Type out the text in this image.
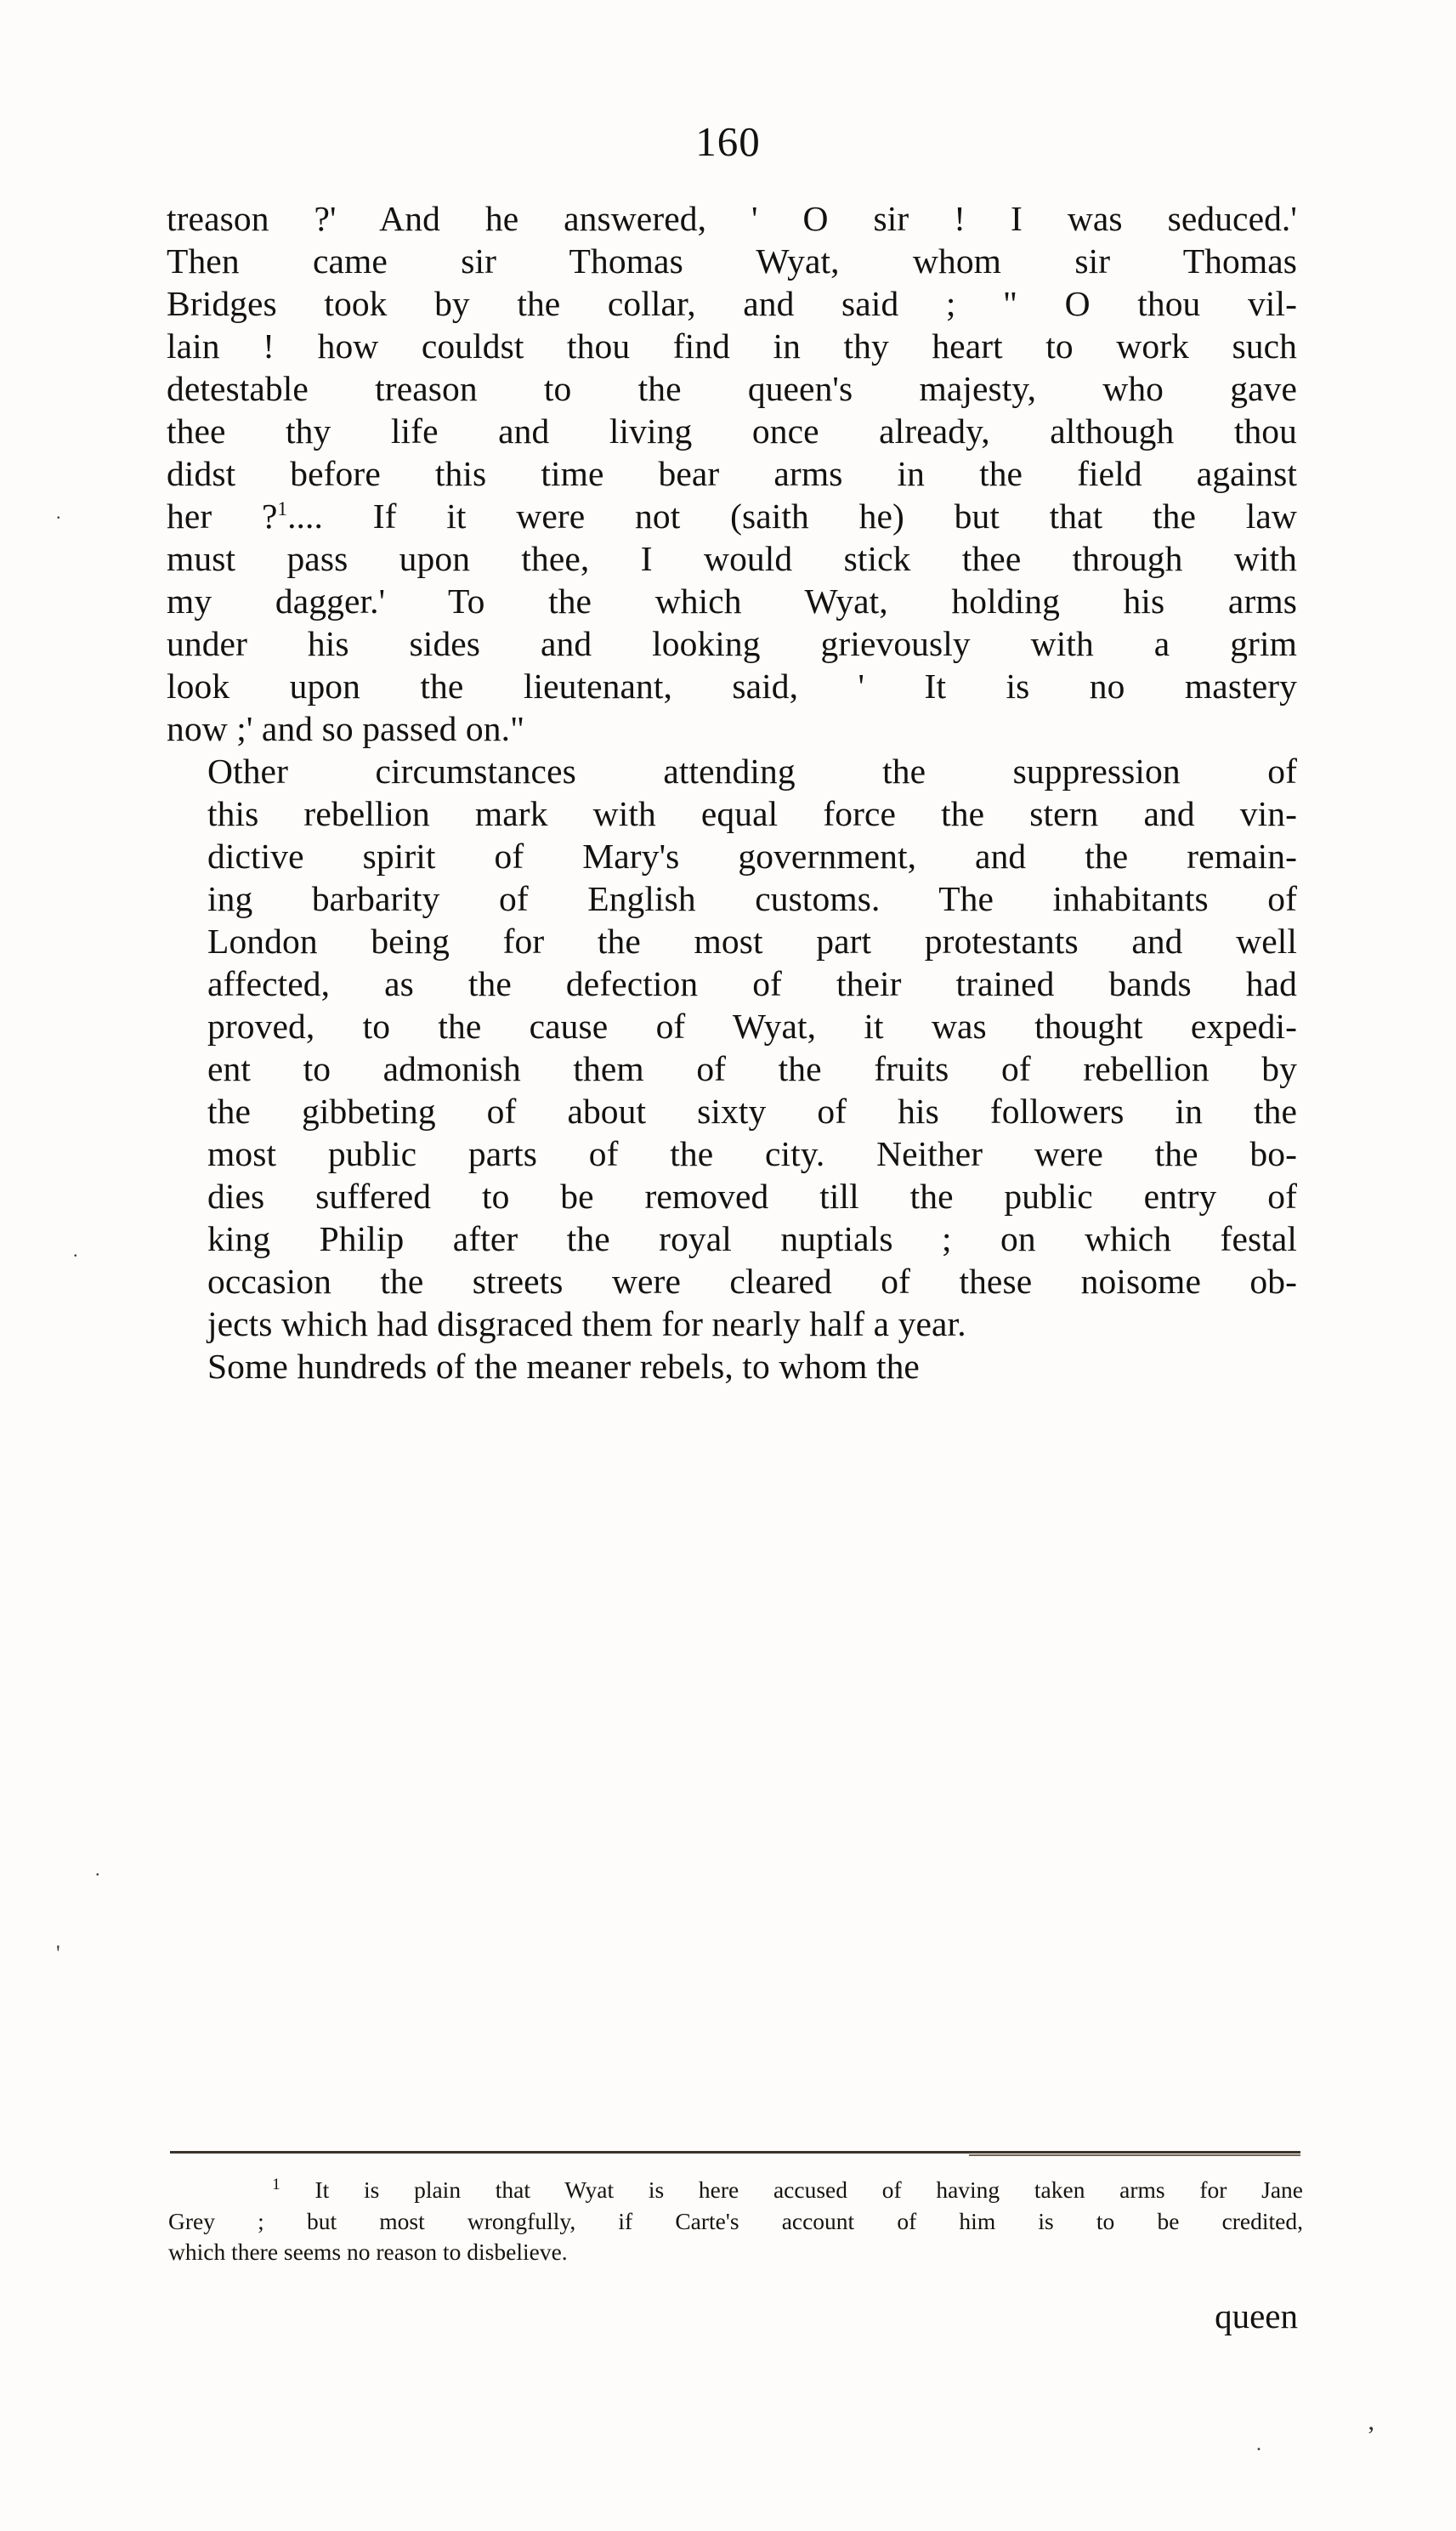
160

treason ?' And he answered, ' O sir ! I was seduced.'
Then came sir Thomas Wyat, whom sir Thomas
Bridges took by the collar, and said ; " O thou vil-
lain ! how couldst thou find in thy heart to work such
detestable treason to the queen's majesty, who gave
thee thy life and living once already, although thou
didst before this time bear arms in the field against
her ?$^1$.... If it were not (saith he) but that the law
must pass upon thee, I would stick thee through with
my dagger.' To the which Wyat, holding his arms
under his sides and looking grievously with a grim
look upon the lieutenant, said, ' It is no mastery
now ;' and so passed on."

Other circumstances attending the suppression of
this rebellion mark with equal force the stern and vin-
dictive spirit of Mary's government, and the remain-
ing barbarity of English customs. The inhabitants of
London being for the most part protestants and well
affected, as the defection of their trained bands had
proved, to the cause of Wyat, it was thought expedi-
ent to admonish them of the fruits of rebellion by
the gibbeting of about sixty of his followers in the
most public parts of the city. Neither were the bo-
dies suffered to be removed till the public entry of
king Philip after the royal nuptials ; on which festal
occasion the streets were cleared of these noisome ob-
jects which had disgraced them for nearly half a year.

Some hundreds of the meaner rebels, to whom the

$^1$ It is plain that Wyat is here accused of having taken arms for Jane
Grey ; but most wrongfully, if Carte's account of him is to be credited,
which there seems no reason to disbelieve.
queen
.
.
.
'
.	’
